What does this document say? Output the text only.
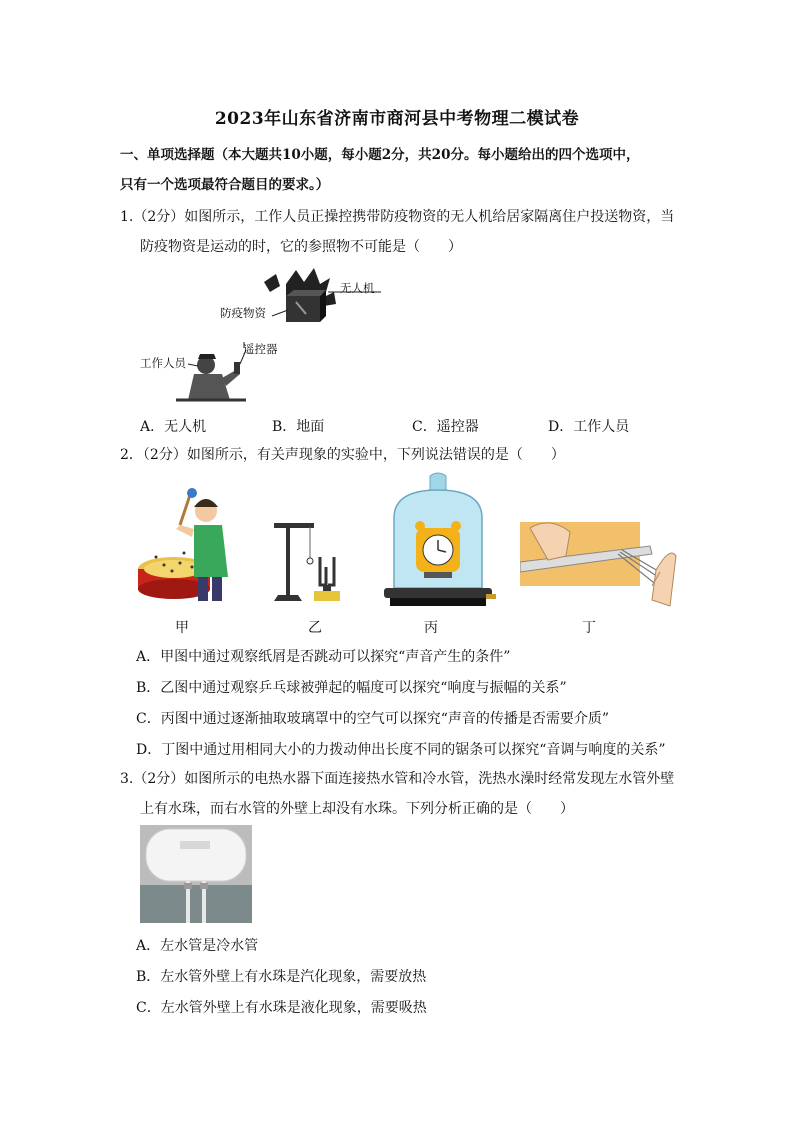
2023年山东省济南市商河县中考物理二模试卷
一、单项选择题（本大题共10小题，每小题2分，共20分。每小题给出的四个选项中，
只有一个选项最符合题目的要求。）
1.（2分）如图所示，工作人员正操控携带防疫物资的无人机给居家隔离住户投送物资，当
防疫物资是运动的时，它的参照物不可能是（　　）
无人机
防疫物资
遥控器
工作人员
A．无人机	B．地面	C．遥控器	D．工作人员
2．（2分）如图所示，有关声现象的实验中，下列说法错误的是（　　）
甲	乙	丙	丁
A．甲图中通过观察纸屑是否跳动可以探究“声音产生的条件”
B．乙图中通过观察乒乓球被弹起的幅度可以探究“响度与振幅的关系”
C．丙图中通过逐渐抽取玻璃罩中的空气可以探究“声音的传播是否需要介质”
D．丁图中通过用相同大小的力拨动伸出长度不同的锯条可以探究“音调与响度的关系”
3.（2分）如图所示的电热水器下面连接热水管和冷水管，洗热水澡时经常发现左水管外壁
上有水珠，而右水管的外壁上却没有水珠。下列分析正确的是（　　）
A．左水管是冷水管
B．左水管外壁上有水珠是汽化现象，需要放热
C．左水管外壁上有水珠是液化现象，需要吸热
